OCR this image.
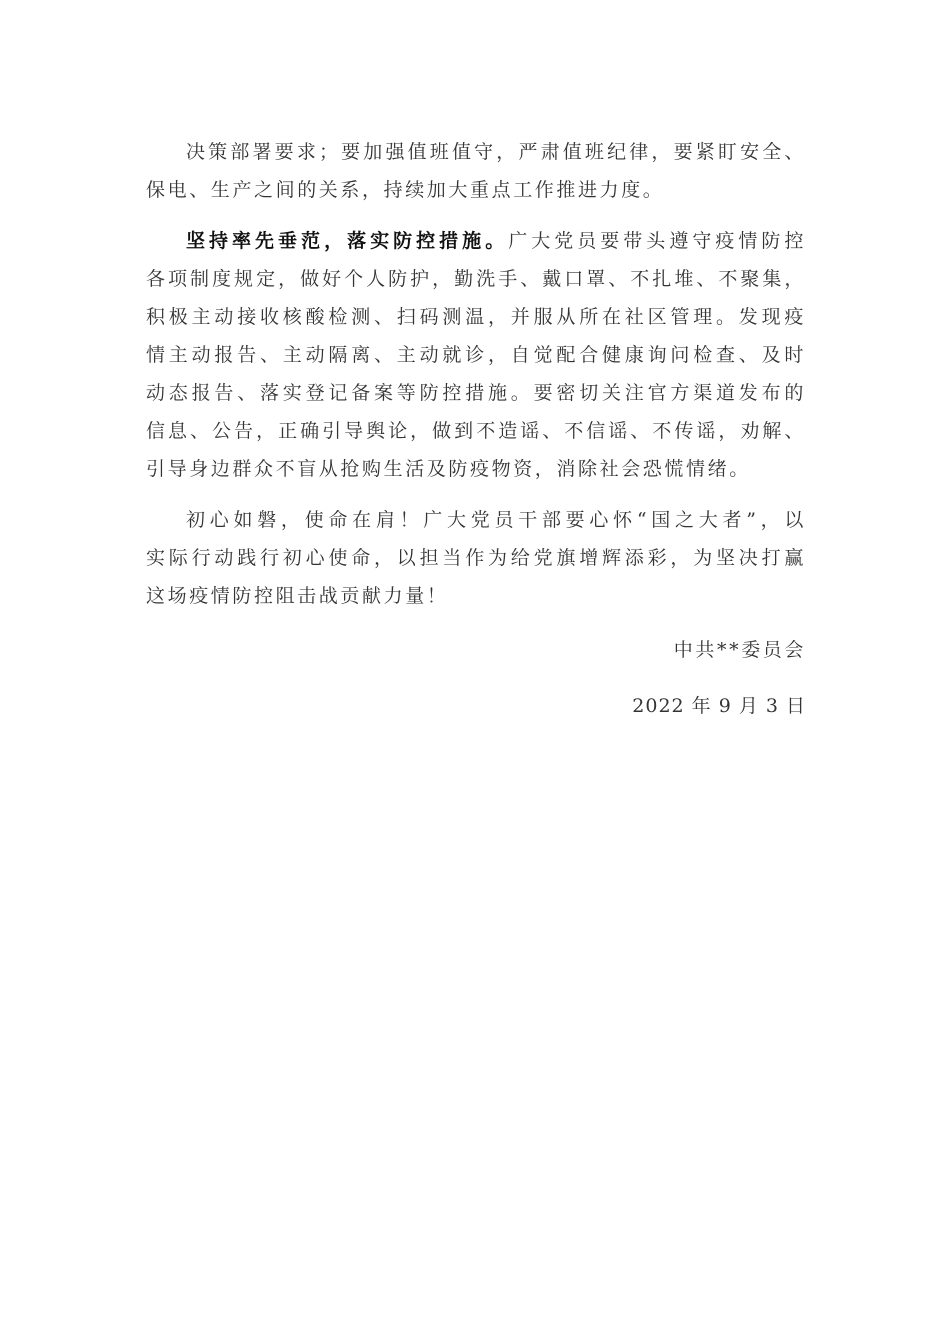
决策部署要求；要加强值班值守，严肃值班纪律，要紧盯安全、
保电、生产之间的关系，持续加大重点工作推进力度。
坚持率先垂范，落实防控措施。广大党员要带头遵守疫情防控
各项制度规定，做好个人防护，勤洗手、戴口罩、不扎堆、不聚集，
积极主动接收核酸检测、扫码测温，并服从所在社区管理。发现疫
情主动报告、主动隔离、主动就诊，自觉配合健康询问检查、及时
动态报告、落实登记备案等防控措施。要密切关注官方渠道发布的
信息、公告，正确引导舆论，做到不造谣、不信谣、不传谣，劝解、
引导身边群众不盲从抢购生活及防疫物资，消除社会恐慌情绪。
初心如磐，使命在肩！广大党员干部要心怀“国之大者”，以
实际行动践行初心使命，以担当作为给党旗增辉添彩，为坚决打赢
这场疫情防控阻击战贡献力量！
中共**委员会
2022 年 9 月 3 日
